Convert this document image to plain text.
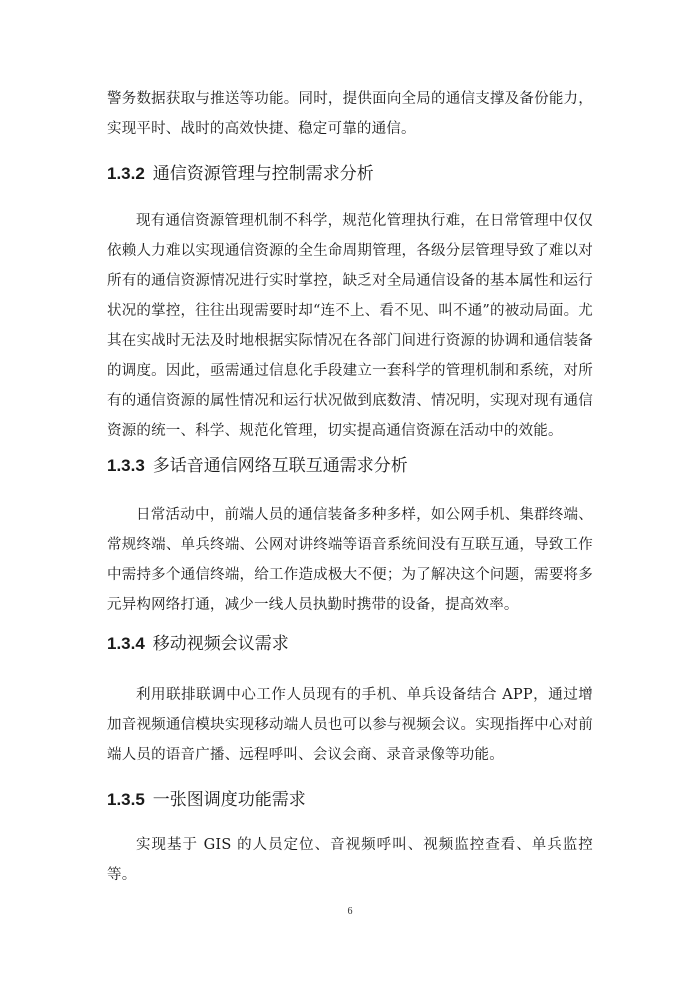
警务数据获取与推送等功能。同时，提供面向全局的通信支撑及备份能力，实现平时、战时的高效快捷、稳定可靠的通信。

1.3.2 通信资源管理与控制需求分析

现有通信资源管理机制不科学，规范化管理执行难，在日常管理中仅仅依赖人力难以实现通信资源的全生命周期管理，各级分层管理导致了难以对所有的通信资源情况进行实时掌控，缺乏对全局通信设备的基本属性和运行状况的掌控，往往出现需要时却“连不上、看不见、叫不通”的被动局面。尤其在实战时无法及时地根据实际情况在各部门间进行资源的协调和通信装备的调度。因此，亟需通过信息化手段建立一套科学的管理机制和系统，对所有的通信资源的属性情况和运行状况做到底数清、情况明，实现对现有通信资源的统一、科学、规范化管理，切实提高通信资源在活动中的效能。

1.3.3 多话音通信网络互联互通需求分析

日常活动中，前端人员的通信装备多种多样，如公网手机、集群终端、常规终端、单兵终端、公网对讲终端等语音系统间没有互联互通，导致工作中需持多个通信终端，给工作造成极大不便；为了解决这个问题，需要将多元异构网络打通，减少一线人员执勤时携带的设备，提高效率。

1.3.4 移动视频会议需求

利用联排联调中心工作人员现有的手机、单兵设备结合 APP，通过增加音视频通信模块实现移动端人员也可以参与视频会议。实现指挥中心对前端人员的语音广播、远程呼叫、会议会商、录音录像等功能。

1.3.5 一张图调度功能需求

实现基于 GIS 的人员定位、音视频呼叫、视频监控查看、单兵监控等。

6
